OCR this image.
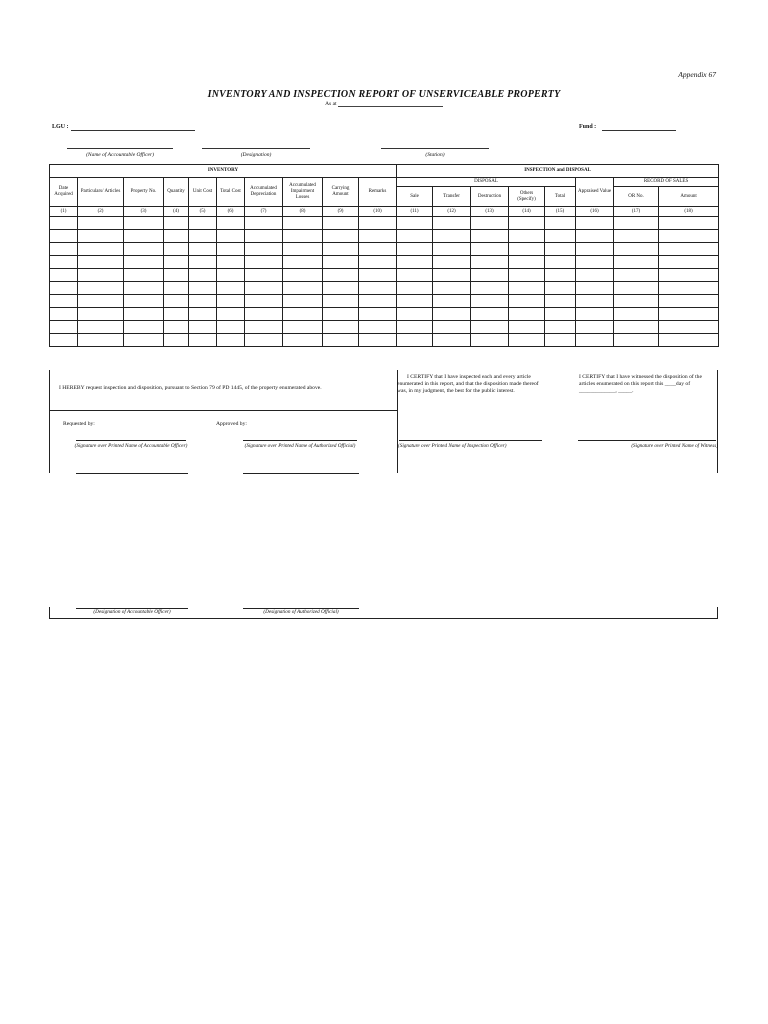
Appendix 67
INVENTORY AND INSPECTION REPORT OF UNSERVICEABLE PROPERTY
As at
LGU :	Fund :
(Name of Accountable Officer)	(Designation)	(Station)
INVENTORY										INSPECTION and DISPOSAL							
Date Acquired	Particulars/ Articles	Property No.	Quantity	Unit Cost	Total Cost	Accumulated Depreciation	Accumulated Impairment Losses	Carrying Amount	Remarks	DISPOSAL					Appraised Value	RECORD OF SALES	
										Sale	Transfer	Destruction	Others (Specify)	Total		OR No.	Amount
(1)	(2)	(3)	(4)	(5)	(6)	(7)	(8)	(9)	(10)	(11)	(12)	(13)	(14)	(15)	(16)	(17)	(18)

I HEREBY request inspection and disposition, pursuant to Section 79 of PD 1445, of the property enumerated above.
I CERTIFY that I have inspected each and every article enumerated in this report, and that the disposition made thereof was, in my judgment, the best for the public interest.
I CERTIFY that I have witnessed the disposition of the articles enumerated on this report this ____day of _____________, _____.
Requested by:	Approved by:
(Signature over Printed Name of Accountable Officer)	(Signature over Printed Name of Authorized Official)	(Signature over Printed Name of Inspection Officer)	(Signature over Printed Name of Witness)
(Designation of Accountable Officer)	(Designation of Authorized Official)
